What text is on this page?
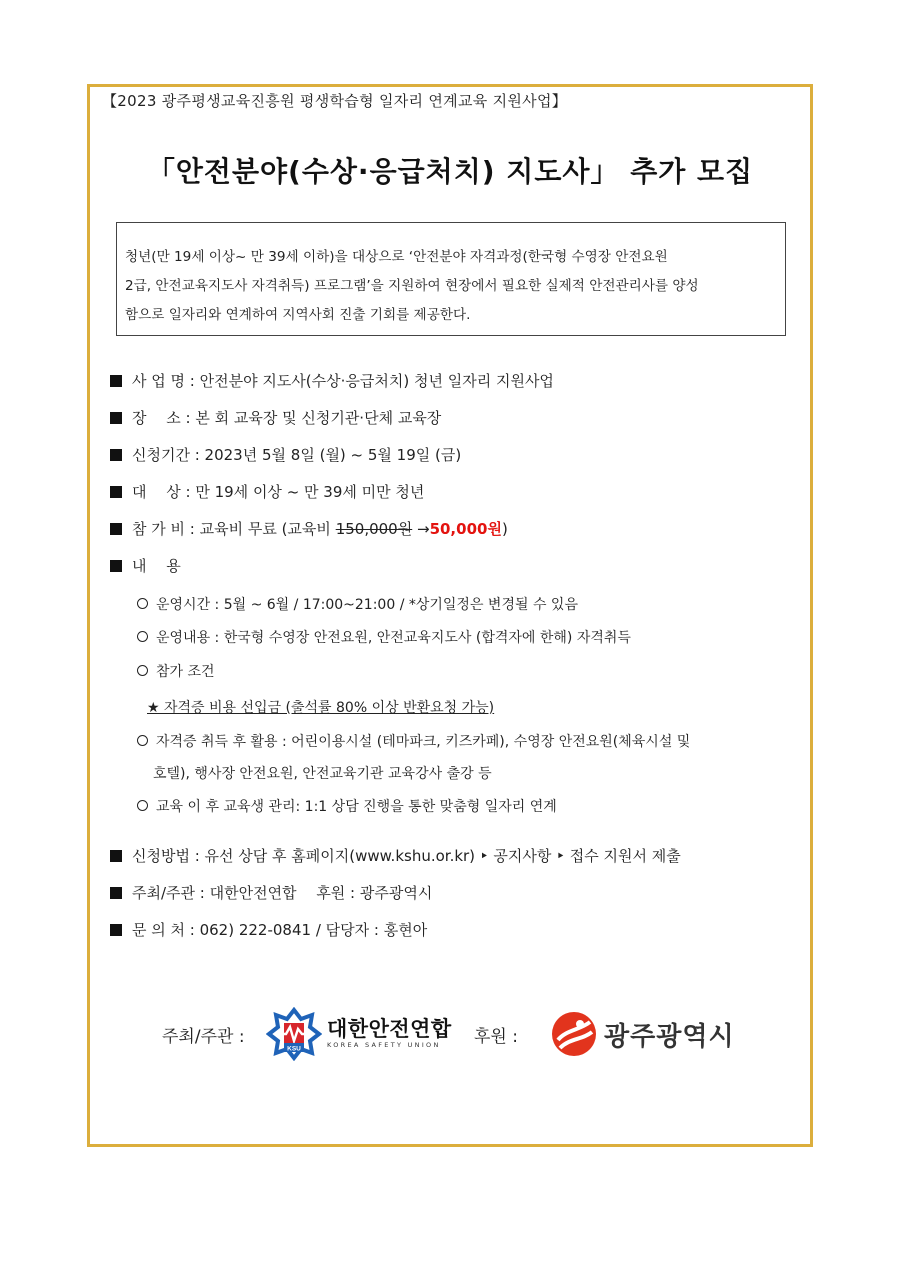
【2023 광주평생교육진흥원 평생학습형 일자리 연계교육 지원사업】
「안전분야(수상·응급처치) 지도사」 추가 모집
청년(만 19세 이상~ 만 39세 이하)을 대상으로 ‘안전분야 자격과정(한국형 수영장 안전요원
2급, 안전교육지도사 자격취득) 프로그램’을 지원하여 현장에서 필요한 실제적 안전관리사를 양성
함으로 일자리와 연계하여 지역사회 진출 기회를 제공한다.
사 업 명 : 안전분야 지도사(수상·응급처치) 청년 일자리 지원사업
장　 소 : 본 회 교육장 및 신청기관·단체 교육장
신청기간 : 2023년 5월 8일 (월) ~ 5월 19일 (금)
대　 상 : 만 19세 이상 ~ 만 39세 미만 청년
참 가 비 : 교육비 무료 (교육비 150,000원 →50,000원)
내　 용
운영시간 : 5월 ~ 6월 / 17:00~21:00 / *상기일정은 변경될 수 있음
운영내용 : 한국형 수영장 안전요원, 안전교육지도사 (합격자에 한해) 자격취득
참가 조건
★ 자격증 비용 선입금 (출석률 80% 이상 반환요청 가능)
자격증 취득 후 활용 : 어린이용시설 (테마파크, 키즈카페), 수영장 안전요원(체육시설 및
호텔), 행사장 안전요원, 안전교육기관 교육강사 출강 등
교육 이 후 교육생 관리: 1:1 상담 진행을 통한 맞춤형 일자리 연계
신청방법 : 유선 상담 후 홈페이지(www.kshu.or.kr) ‣ 공지사항 ‣ 접수 지원서 제출
주최/주관 : 대한안전연합　 후원 : 광주광역시
문 의 처 : 062) 222-0841 / 담당자 : 홍현아
주최/주관 :
KSU
대한안전연합
KOREA SAFETY UNION 후원 :	광주광역시
